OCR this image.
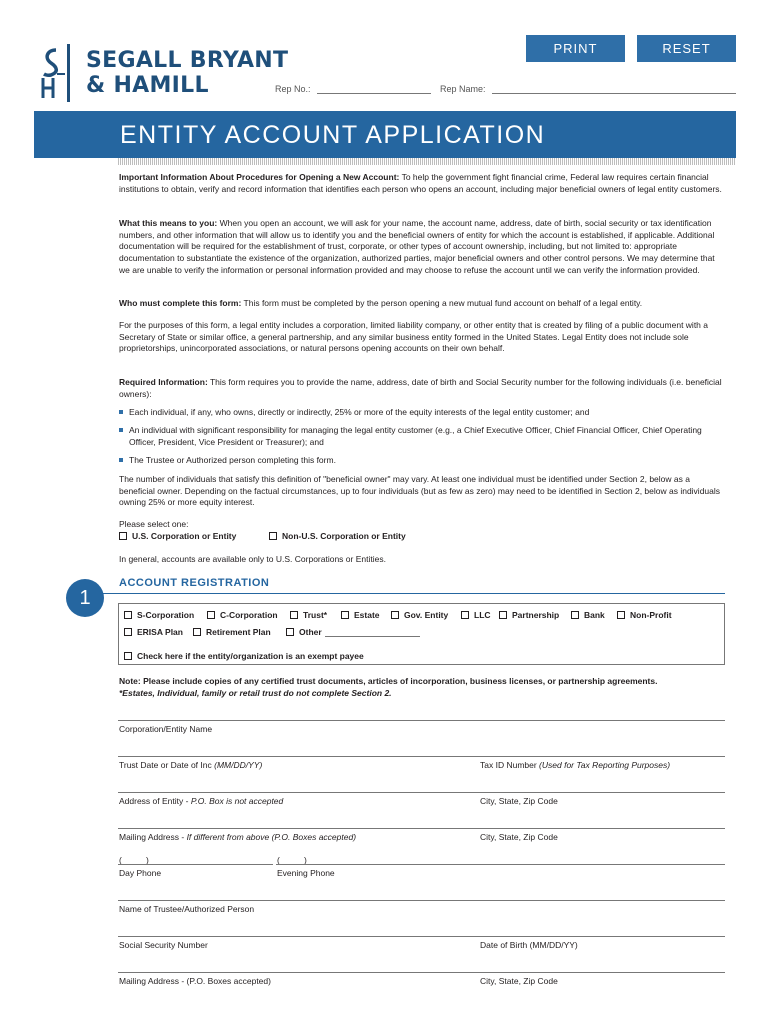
PRINT	RESET
SEGALL BRYANT
& HAMILL	Rep No.:	Rep Name:
ENTITY ACCOUNT APPLICATION
Important Information About Procedures for Opening a New Account: To help the government fight financial crime, Federal law requires certain financial institutions to obtain, verify and record information that identifies each person who opens an account, including major beneficial owners of legal entity customers.
What this means to you: When you open an account, we will ask for your name, the account name, address, date of birth, social security or tax identification numbers, and other information that will allow us to identify you and the beneficial owners of entity for which the account is established, if applicable. Additional documentation will be required for the establishment of trust, corporate, or other types of account ownership, including, but not limited to: appropriate documentation to substantiate the existence of the organization, authorized parties, major beneficial owners and other control persons. We may determine that we are unable to verify the information or personal information provided and may choose to refuse the account until we can verify the information provided.
Who must complete this form: This form must be completed by the person opening a new mutual fund account on behalf of a legal entity.
For the purposes of this form, a legal entity includes a corporation, limited liability company, or other entity that is created by filing of a public document with a Secretary of State or similar office, a general partnership, and any similar business entity formed in the United States. Legal Entity does not include sole proprietorships, unincorporated associations, or natural persons opening accounts on their own behalf.
Required Information: This form requires you to provide the name, address, date of birth and Social Security number for the following individuals (i.e. beneficial owners):
Each individual, if any, who owns, directly or indirectly, 25% or more of the equity interests of the legal entity customer; and
An individual with significant responsibility for managing the legal entity customer (e.g., a Chief Executive Officer, Chief Financial Officer, Chief Operating Officer, President, Vice President or Treasurer); and
The Trustee or Authorized person completing this form.
The number of individuals that satisfy this definition of "beneficial owner" may vary. At least one individual must be identified under Section 2, below as a beneficial owner. Depending on the factual circumstances, up to four individuals (but as few as zero) may need to be identified in Section 2, below as individuals owning 25% or more equity interest.
Please select one:
U.S. Corporation or Entity	Non-U.S. Corporation or Entity
In general, accounts are available only to U.S. Corporations or Entities.
1
ACCOUNT REGISTRATION
S-Corporation	C-Corporation	Trust*	Estate	Gov. Entity	LLC	Partnership	Bank	Non-Profit
ERISA Plan	Retirement Plan	Other
Check here if the entity/organization is an exempt payee
Note: Please include copies of any certified trust documents, articles of incorporation, business licenses, or partnership agreements.
*Estates, Individual, family or retail trust do not complete Section 2.
Corporation/Entity Name
Trust Date or Date of Inc (MM/DD/YY)	Tax ID Number (Used for Tax Reporting Purposes)
Address of Entity - P.O. Box is not accepted	City, State, Zip Code
Mailing Address - If different from above (P.O. Boxes accepted)	City, State, Zip Code
(	)	(	)
Day Phone	Evening Phone
Name of Trustee/Authorized Person
Social Security Number	Date of Birth (MM/DD/YY)
Mailing Address - (P.O. Boxes accepted)	City, State, Zip Code
